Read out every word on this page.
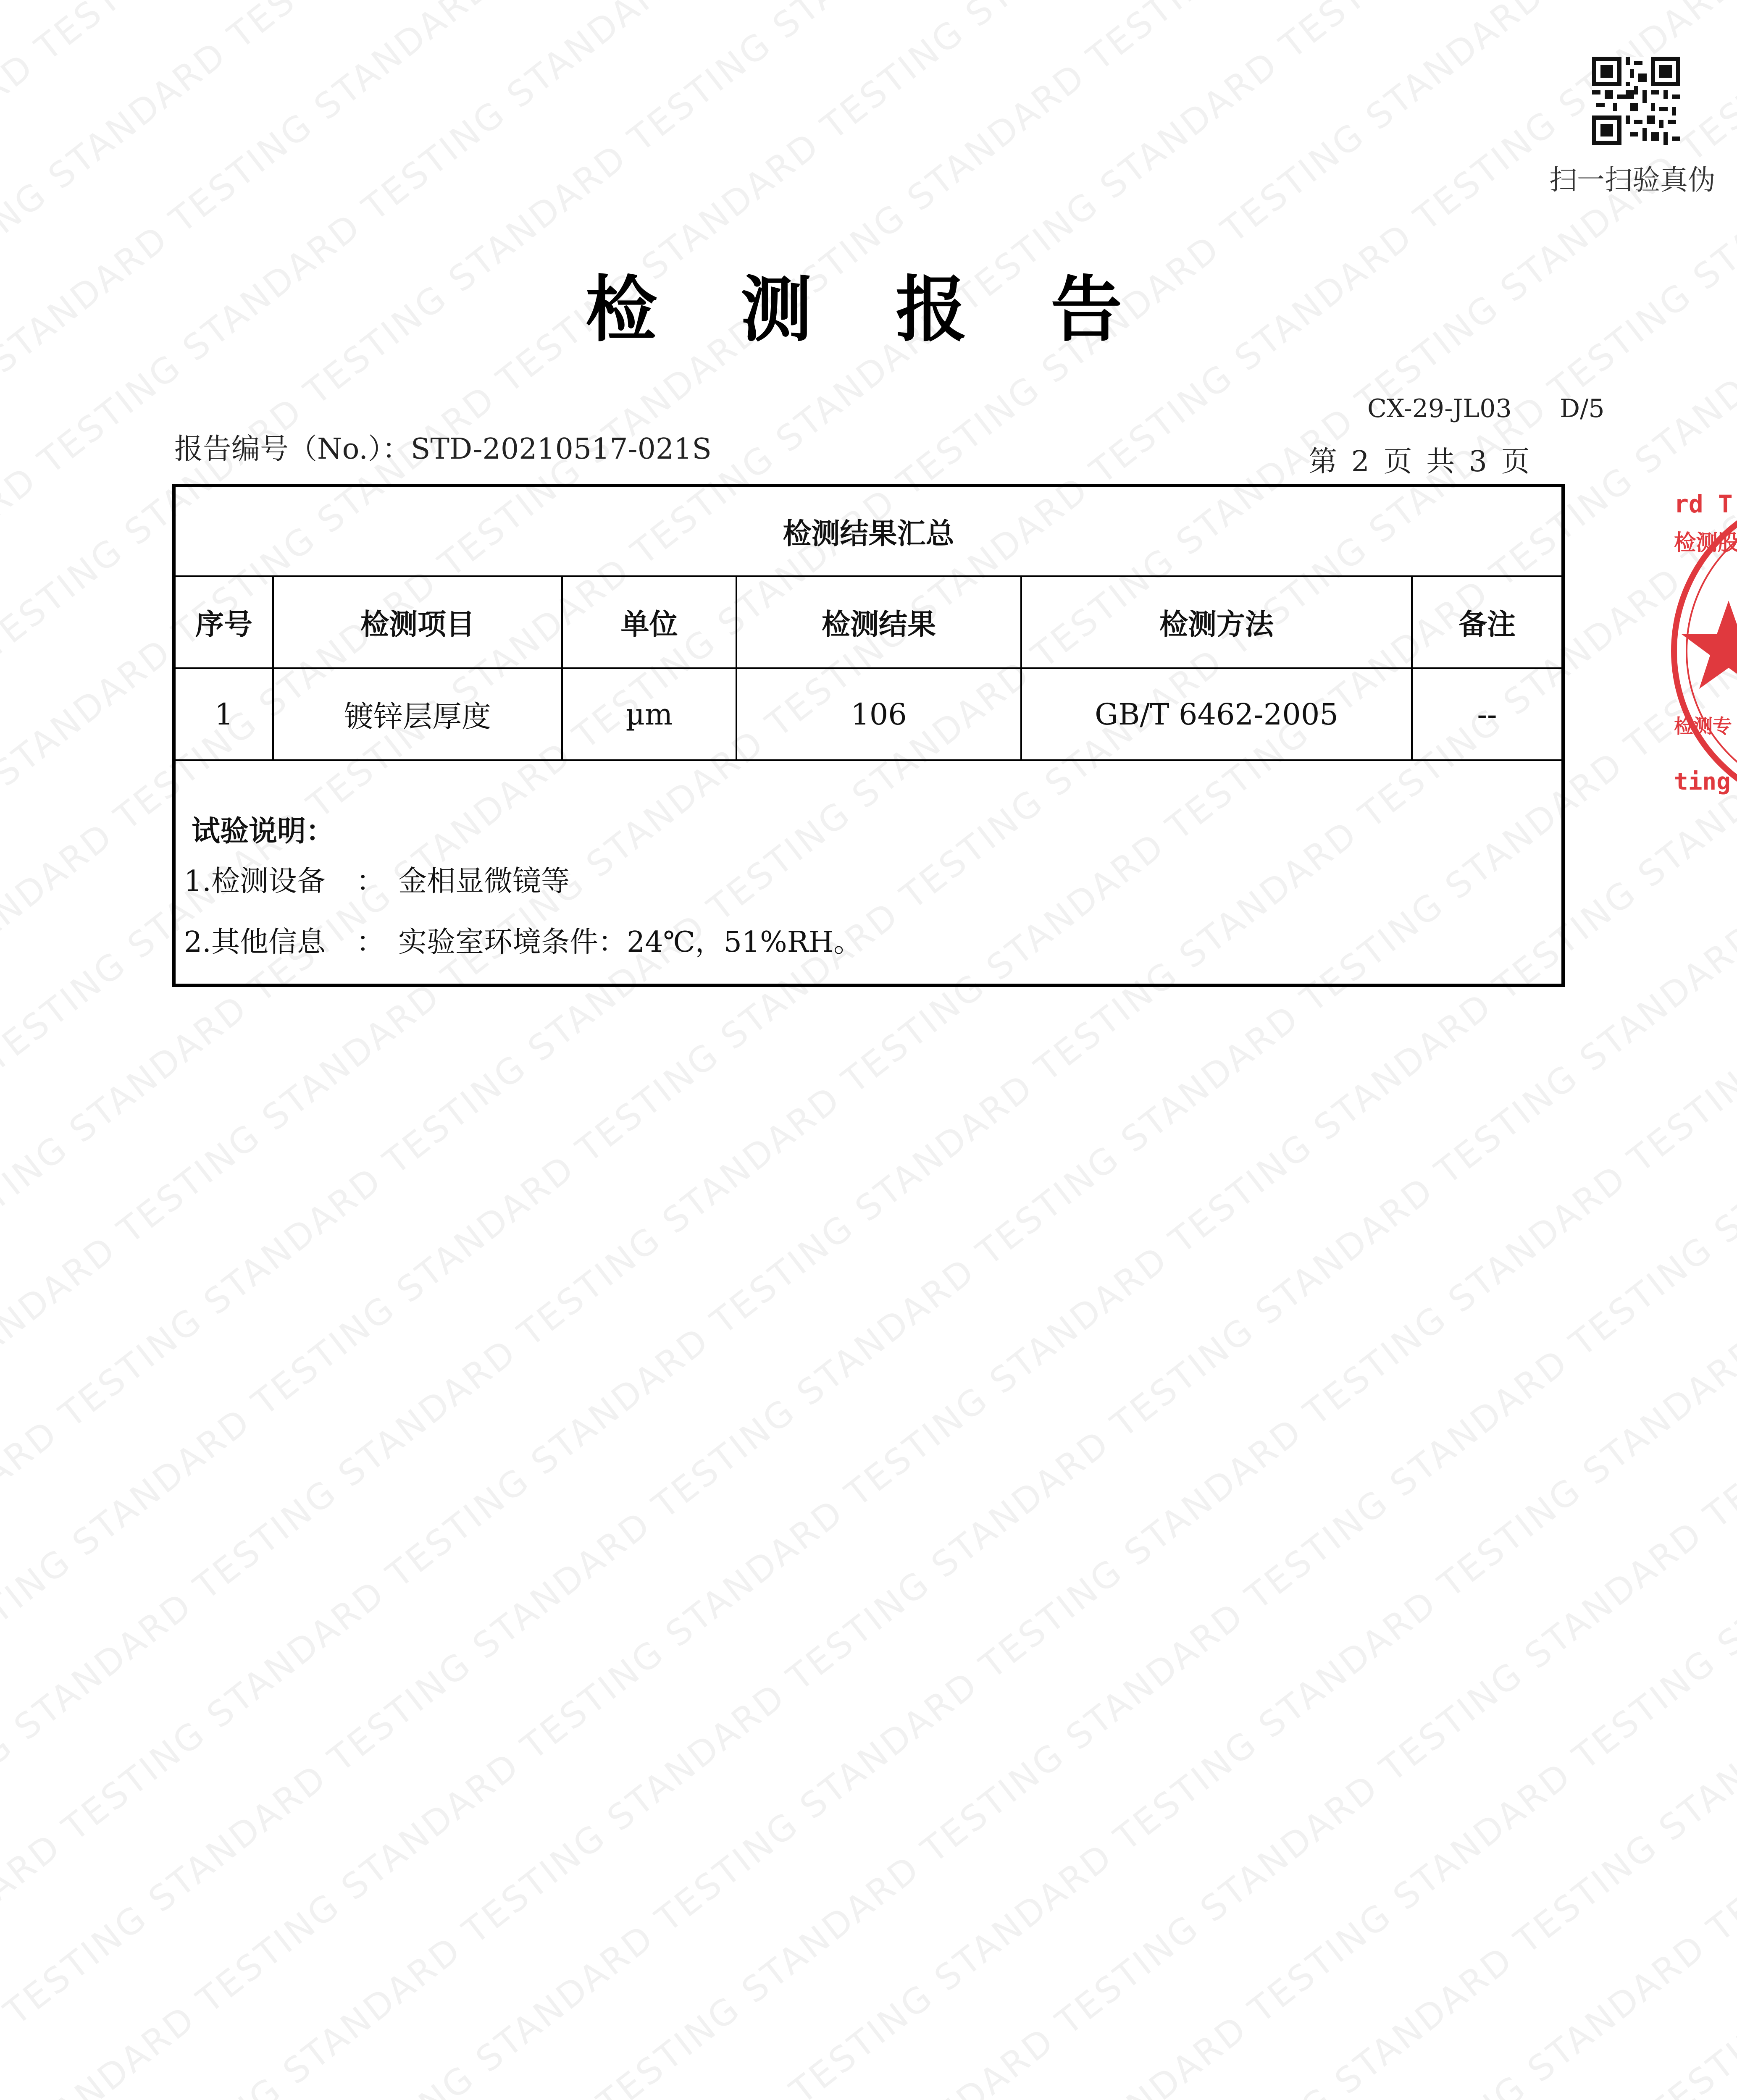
STANDARD TESTING STANDARD TESTING STANDARD
TESTING STANDARD TESTING STANDARD TESTING
STANDARD TESTING STANDARD TESTING STANDARD TESTING
STANDARD TESTING STANDARD TESTING STANDARD TESTING STANDARD TESTING
TESTING STANDARD TESTING STANDARD TESTING STANDARD TESTING STANDARD
TESTING STANDARD TESTING STANDARD TESTING STANDARD TESTING STANDARD TESTING STANDARD
STANDARD TESTING STANDARD TESTING STANDARD TESTING STANDARD TESTING STANDARD TESTING
STANDARD TESTING STANDARD TESTING STANDARD TESTING STANDARD TESTING STANDARD TESTING STANDARD TESTING
TESTING STANDARD TESTING STANDARD TESTING STANDARD TESTING STANDARD TESTING STANDARD TESTING STANDARD
TESTING STANDARD TESTING STANDARD TESTING STANDARD TESTING STANDARD TESTING STANDARD TESTING STANDARD
STANDARD TESTING STANDARD TESTING STANDARD TESTING STANDARD TESTING STANDARD TESTING STANDARD TESTING
STANDARD TESTING STANDARD TESTING STANDARD TESTING STANDARD TESTING STANDARD TESTING STANDARD TESTING
STANDARD TESTING STANDARD TESTING STANDARD TESTING STANDARD TESTING STANDARD TESTING STANDARD
STANDARD TESTING STANDARD TESTING STANDARD TESTING STANDARD TESTING STANDARD
STANDARD TESTING STANDARD TESTING STANDARD TESTING STANDARD TESTING
TESTING STANDARD TESTING STANDARD TESTING STANDARD TESTING STANDARD
TESTING STANDARD TESTING STANDARD TESTING STANDARD
TESTING STANDARD TESTING STANDARD TESTING
STANDARD TESTING STANDARD TESTING STANDARD
STANDARD TESTING STANDARD
STANDARD TESTING
TESTING
扫一扫验真伪
检 测 报 告
CX-29-JL03      D/5
报告编号（No.）：STD-20210517-021S	第 2 页 共 3 页
检测结果汇总					
序号	检测项目	单位	检测结果	检测方法	备注
1	镀锌层厚度	µm	106	GB/T 6462-2005	--
试验说明：
1.检测设备	： 金相显微镜等
2.其他信息	： 实验室环境条件：24℃，51%RH。
rd T
检测股
检测专
ting
